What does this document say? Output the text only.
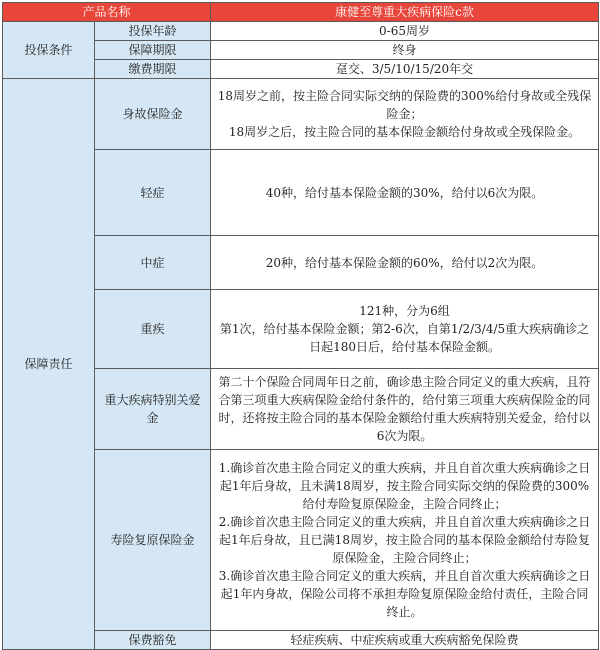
产品名称		康健至尊重大疾病保险c款
投保条件	投保年龄	0-65周岁
	保障期限	终身
	缴费期限	趸交、3/5/10/15/20年交
保障责任	身故保险金	18周岁之前，按主险合同实际交纳的保险费的300%给付身故或全残保险金；
18周岁之后，按主险合同的基本保险金额给付身故或全残保险金。
	轻症	40种，给付基本保险金额的30%，给付以6次为限。
	中症	20种，给付基本保险金额的60%，给付以2次为限。
	重疾	121种，分为6组
第1次，给付基本保险金额；第2-6次，自第1/2/3/4/5重大疾病确诊之日起180日后，给付基本保险金额。
	重大疾病特别关爱金	第二十个保险合同周年日之前，确诊患主险合同定义的重大疾病，且符合第三项重大疾病保险金给付条件的，给付第三项重大疾病保险金的同时，还将按主险合同的基本保险金额给付重大疾病特别关爱金，给付以6次为限。
	寿险复原保险金	1.确诊首次患主险合同定义的重大疾病，并且自首次重大疾病确诊之日起1年后身故，且未满18周岁，按主险合同实际交纳的保险费的300%给付寿险复原保险金，主险合同终止；
2.确诊首次患主险合同定义的重大疾病，并且自首次重大疾病确诊之日起1年后身故，且已满18周岁，按主险合同的基本保险金额给付寿险复原保险金，主险合同终止；
3.确诊首次患主险合同定义的重大疾病，并且自首次重大疾病确诊之日起1年内身故，保险公司将不承担寿险复原保险金给付责任，主险合同终止。
	保费豁免	轻症疾病、中症疾病或重大疾病豁免保险费
